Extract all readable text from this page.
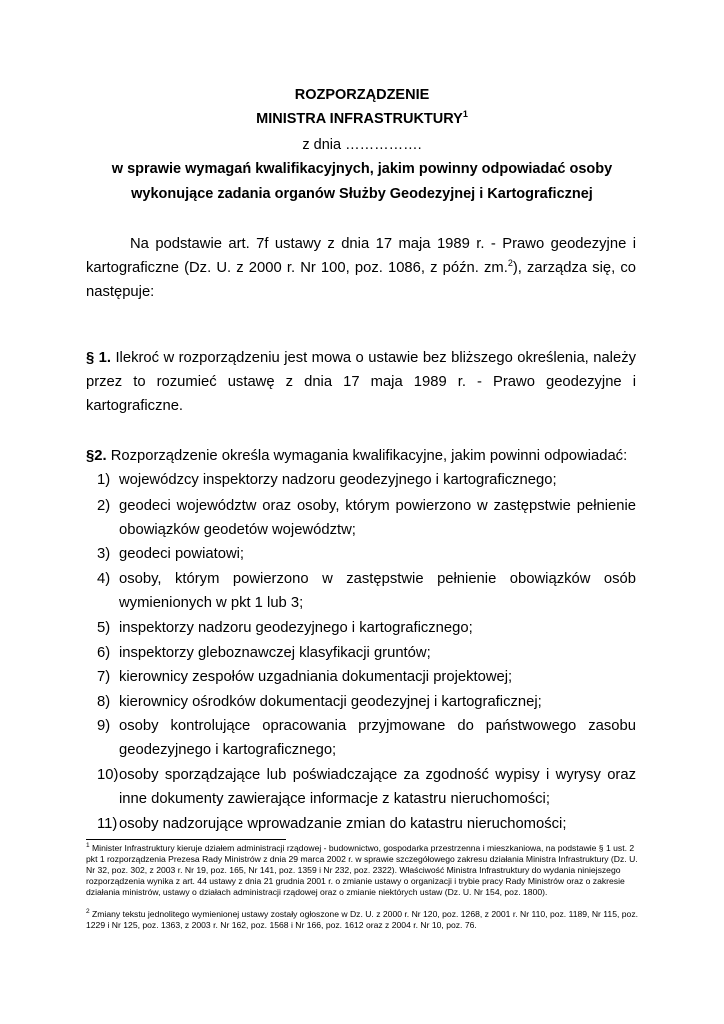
ROZPORZĄDZENIE
MINISTRA INFRASTRUKTURY$^1$
z dnia …………….
w sprawie wymagań kwalifikacyjnych, jakim powinny odpowiadać osoby
wykonujące zadania organów Służby Geodezyjnej i Kartograficznej
Na podstawie art. 7f ustawy z dnia 17 maja 1989 r. - Prawo geodezyjne i kartograficzne (Dz. U. z 2000 r. Nr 100, poz. 1086, z późn. zm.$^2$), zarządza się, co następuje:
§ 1. Ilekroć w rozporządzeniu jest mowa o ustawie bez bliższego określenia, należy przez to rozumieć ustawę z dnia 17 maja 1989 r. - Prawo geodezyjne i kartograficzne.
§2. Rozporządzenie określa wymagania kwalifikacyjne, jakim powinni odpowiadać:
1) wojewódzcy inspektorzy nadzoru geodezyjnego i kartograficznego;
2) geodeci województw oraz osoby, którym powierzono w zastępstwie pełnienie obowiązków geodetów województw;
3) geodeci powiatowi;
4) osoby, którym powierzono w zastępstwie pełnienie obowiązków osób wymienionych w pkt 1 lub 3;
5) inspektorzy nadzoru geodezyjnego i kartograficznego;
6) inspektorzy gleboznawczej klasyfikacji gruntów;
7) kierownicy zespołów uzgadniania dokumentacji projektowej;
8) kierownicy ośrodków dokumentacji geodezyjnej i kartograficznej;
9) osoby kontrolujące opracowania przyjmowane do państwowego zasobu geodezyjnego i kartograficznego;
10) osoby sporządzające lub poświadczające za zgodność wypisy i wyrysy oraz inne dokumenty zawierające informacje z katastru nieruchomości;
11) osoby nadzorujące wprowadzanie zmian do katastru nieruchomości;
$^1$ Minister Infrastruktury kieruje działem administracji rządowej - budownictwo, gospodarka przestrzenna i mieszkaniowa, na podstawie § 1 ust. 2 pkt 1 rozporządzenia Prezesa Rady Ministrów z dnia 29 marca 2002 r. w sprawie szczegółowego zakresu działania Ministra Infrastruktury (Dz. U. Nr 32, poz. 302, z 2003 r. Nr 19, poz. 165, Nr 141, poz. 1359 i Nr 232, poz. 2322). Właściwość Ministra Infrastruktury do wydania niniejszego rozporządzenia wynika z art. 44 ustawy z dnia 21 grudnia 2001 r. o zmianie ustawy o organizacji i trybie pracy Rady Ministrów oraz o zakresie działania ministrów, ustawy o działach administracji rządowej oraz o zmianie niektórych ustaw (Dz. U. Nr 154, poz. 1800).
$^2$ Zmiany tekstu jednolitego wymienionej ustawy zostały ogłoszone w Dz. U. z 2000 r. Nr 120, poz. 1268, z 2001 r. Nr 110, poz. 1189, Nr 115, poz. 1229 i Nr 125, poz. 1363, z 2003 r. Nr 162, poz. 1568 i Nr 166, poz. 1612 oraz z 2004 r. Nr 10, poz. 76.
